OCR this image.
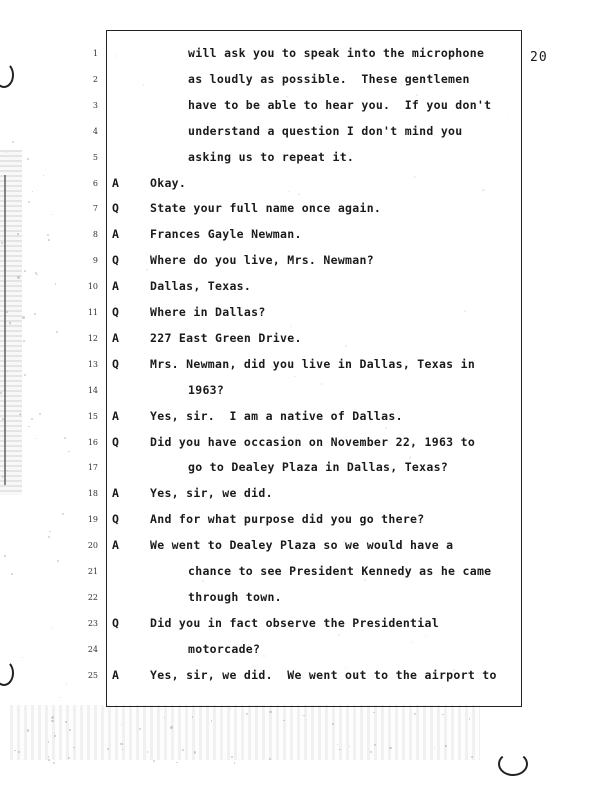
20
1	will ask you to speak into the microphone
2	as loudly as possible.  These gentlemen
3	have to be able to hear you.  If you don't
4	understand a question I don't mind you
5	asking us to repeat it.
6 A	Okay.
7 Q	State your full name once again.
8 A	Frances Gayle Newman.
9 Q	Where do you live, Mrs. Newman?
10 A	Dallas, Texas.
11 Q	Where in Dallas?
12 A	227 East Green Drive.
13 Q	Mrs. Newman, did you live in Dallas, Texas in
14	1963?
15 A	Yes, sir.  I am a native of Dallas.
16 Q	Did you have occasion on November 22, 1963 to
17	go to Dealey Plaza in Dallas, Texas?
18 A	Yes, sir, we did.
19 Q	And for what purpose did you go there?
20 A	We went to Dealey Plaza so we would have a
21	chance to see President Kennedy as he came
22	through town.
23 Q	Did you in fact observe the Presidential
24	motorcade?
25 A	Yes, sir, we did.  We went out to the airport to
